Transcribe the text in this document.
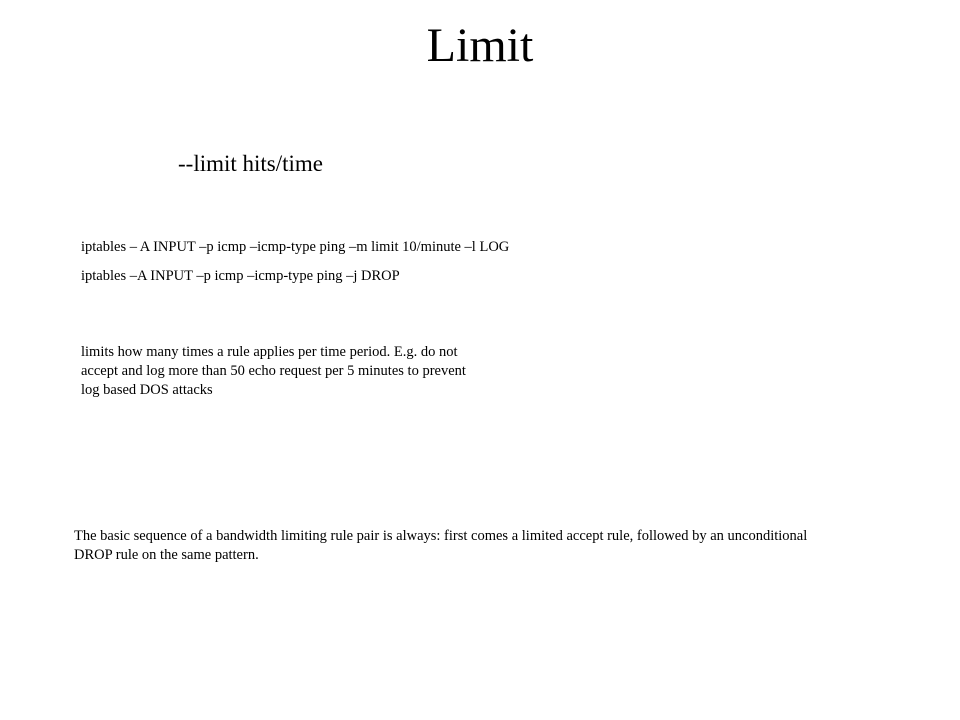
Limit

--limit hits/time

iptables – A INPUT –p icmp –icmp-type ping –m limit 10/minute –l LOG

iptables –A INPUT –p icmp –icmp-type ping –j DROP

limits how many times a rule applies per time period. E.g. do not
accept and log more than 50 echo request per 5 minutes to prevent
log based DOS attacks

The basic sequence of a bandwidth limiting rule pair is always: first comes a limited accept rule, followed by an unconditional
DROP rule on the same pattern.
